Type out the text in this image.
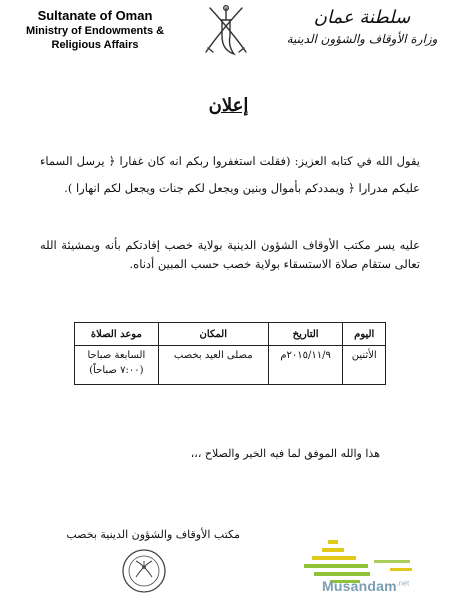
Sultanate of Oman
Ministry of Endowments &
Religious Affairs
سلطنة عمان
وزارة الأوقاف والشؤون الدينية
إعلان
يقول الله في كتابه العزيز: (فقلت استغفروا ربكم انه كان غفارا ﴿ يرسل السماء عليكم مدرارا ﴿ ويمددكم بأموال وبنين ويجعل لكم جنات ويجعل لكم انهارا ).
عليه يسر مكتب الأوقاف الشؤون الدينية بولاية خصب إفادتكم بأنه وبمشيئة الله تعالى ستقام صلاة الاستسقاء بولاية خصب حسب المبين أدناه.
اليوم	التاريخ	المكان	موعد الصلاة
الأثنين	٢٠١٥/١١/٩م	مصلى العيد بخصب	السابعة صباحا
(٧:٠٠ صباحاً)
هذا والله الموفق لما فيه الخير والصلاح ،،،
مكتب الأوقاف والشؤون الدينية بخصب
Musandam$^{.net}$
